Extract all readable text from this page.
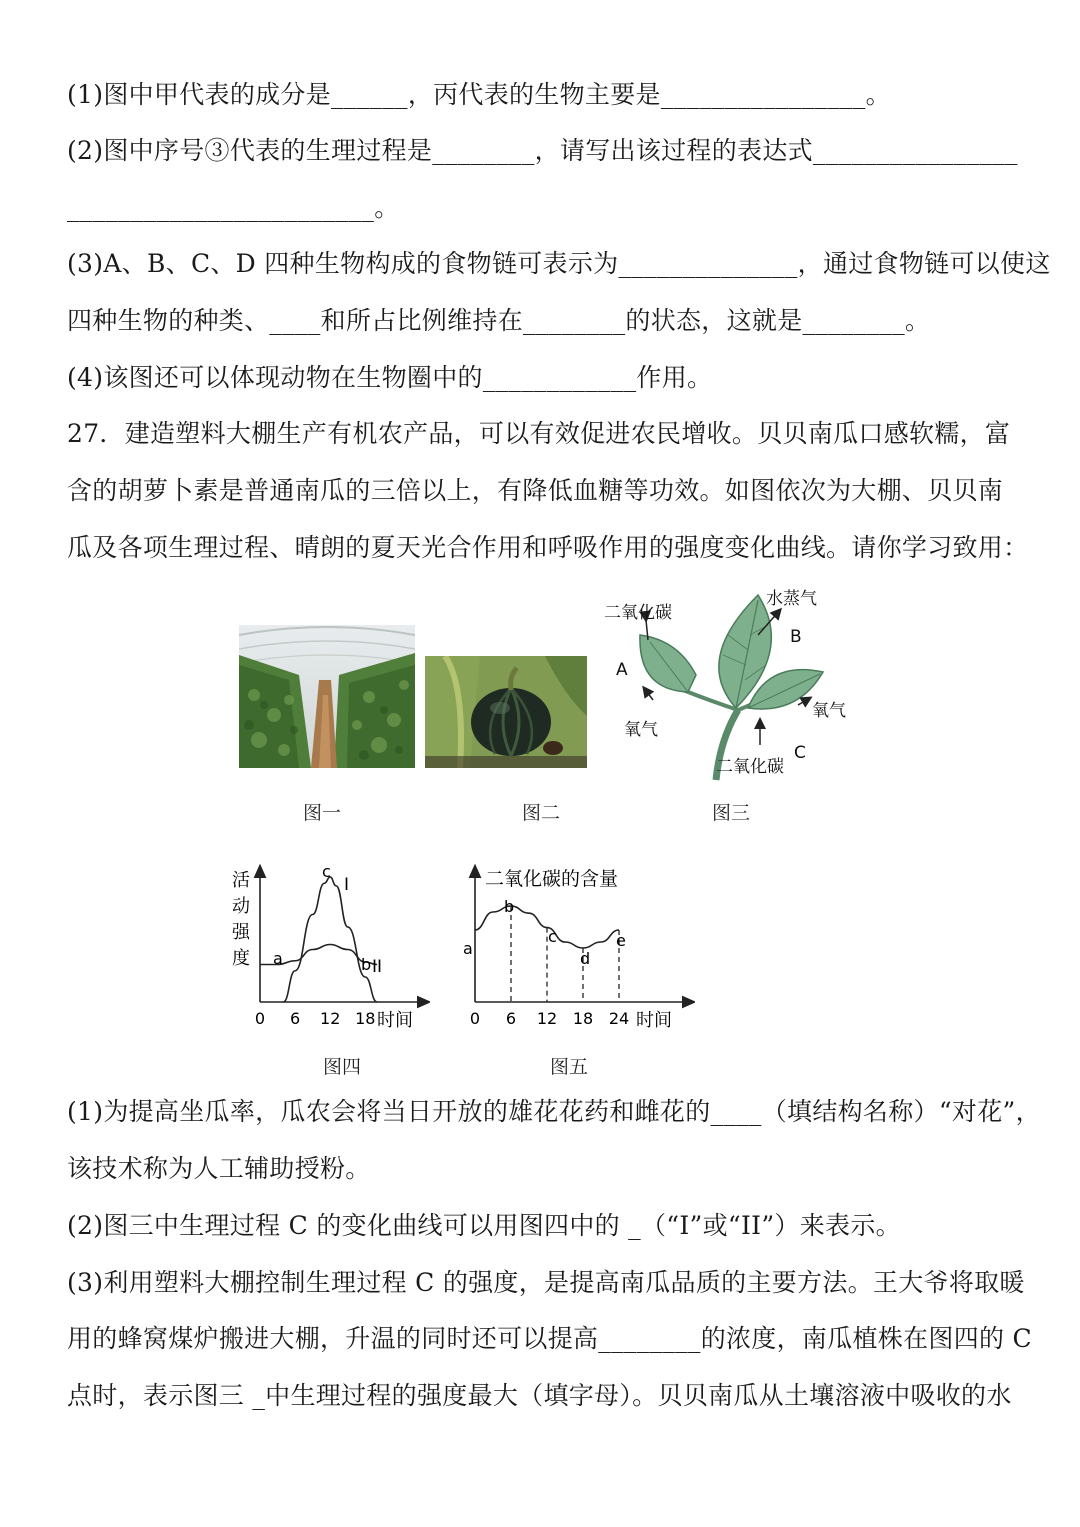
(1)图中甲代表的成分是______，丙代表的生物主要是________________。
(2)图中序号③代表的生理过程是________，请写出该过程的表达式________________
________________________。
(3)A、B、C、D 四种生物构成的食物链可表示为______________，通过食物链可以使这
四种生物的种类、____和所占比例维持在________的状态，这就是________。
(4)该图还可以体现动物在生物圈中的____________作用。
27．建造塑料大棚生产有机农产品，可以有效促进农民增收。贝贝南瓜口感软糯，富
含的胡萝卜素是普通南瓜的三倍以上，有降低血糖等功效。如图依次为大棚、贝贝南
瓜及各项生理过程、晴朗的夏天光合作用和呼吸作用的强度变化曲线。请你学习致用：
图一	图二
二氧化碳
水蒸气
B
A
氧气
氧气
C
二氧化碳
图三
活
动
强
度
0 6 12 18
a
c
I
b II
时间
图四
二氧化碳的含量
0 6 12 18 24
a
b
c
d
e
时间
图五
(1)为提高坐瓜率，瓜农会将当日开放的雄花花药和雌花的____（填结构名称）“对花”，
该技术称为人工辅助授粉。
(2)图三中生理过程 C 的变化曲线可以用图四中的 _（“I”或“II”）来表示。
(3)利用塑料大棚控制生理过程 C 的强度，是提高南瓜品质的主要方法。王大爷将取暖
用的蜂窝煤炉搬进大棚，升温的同时还可以提高________的浓度，南瓜植株在图四的 C
点时，表示图三 _中生理过程的强度最大（填字母）。贝贝南瓜从土壤溶液中吸收的水
